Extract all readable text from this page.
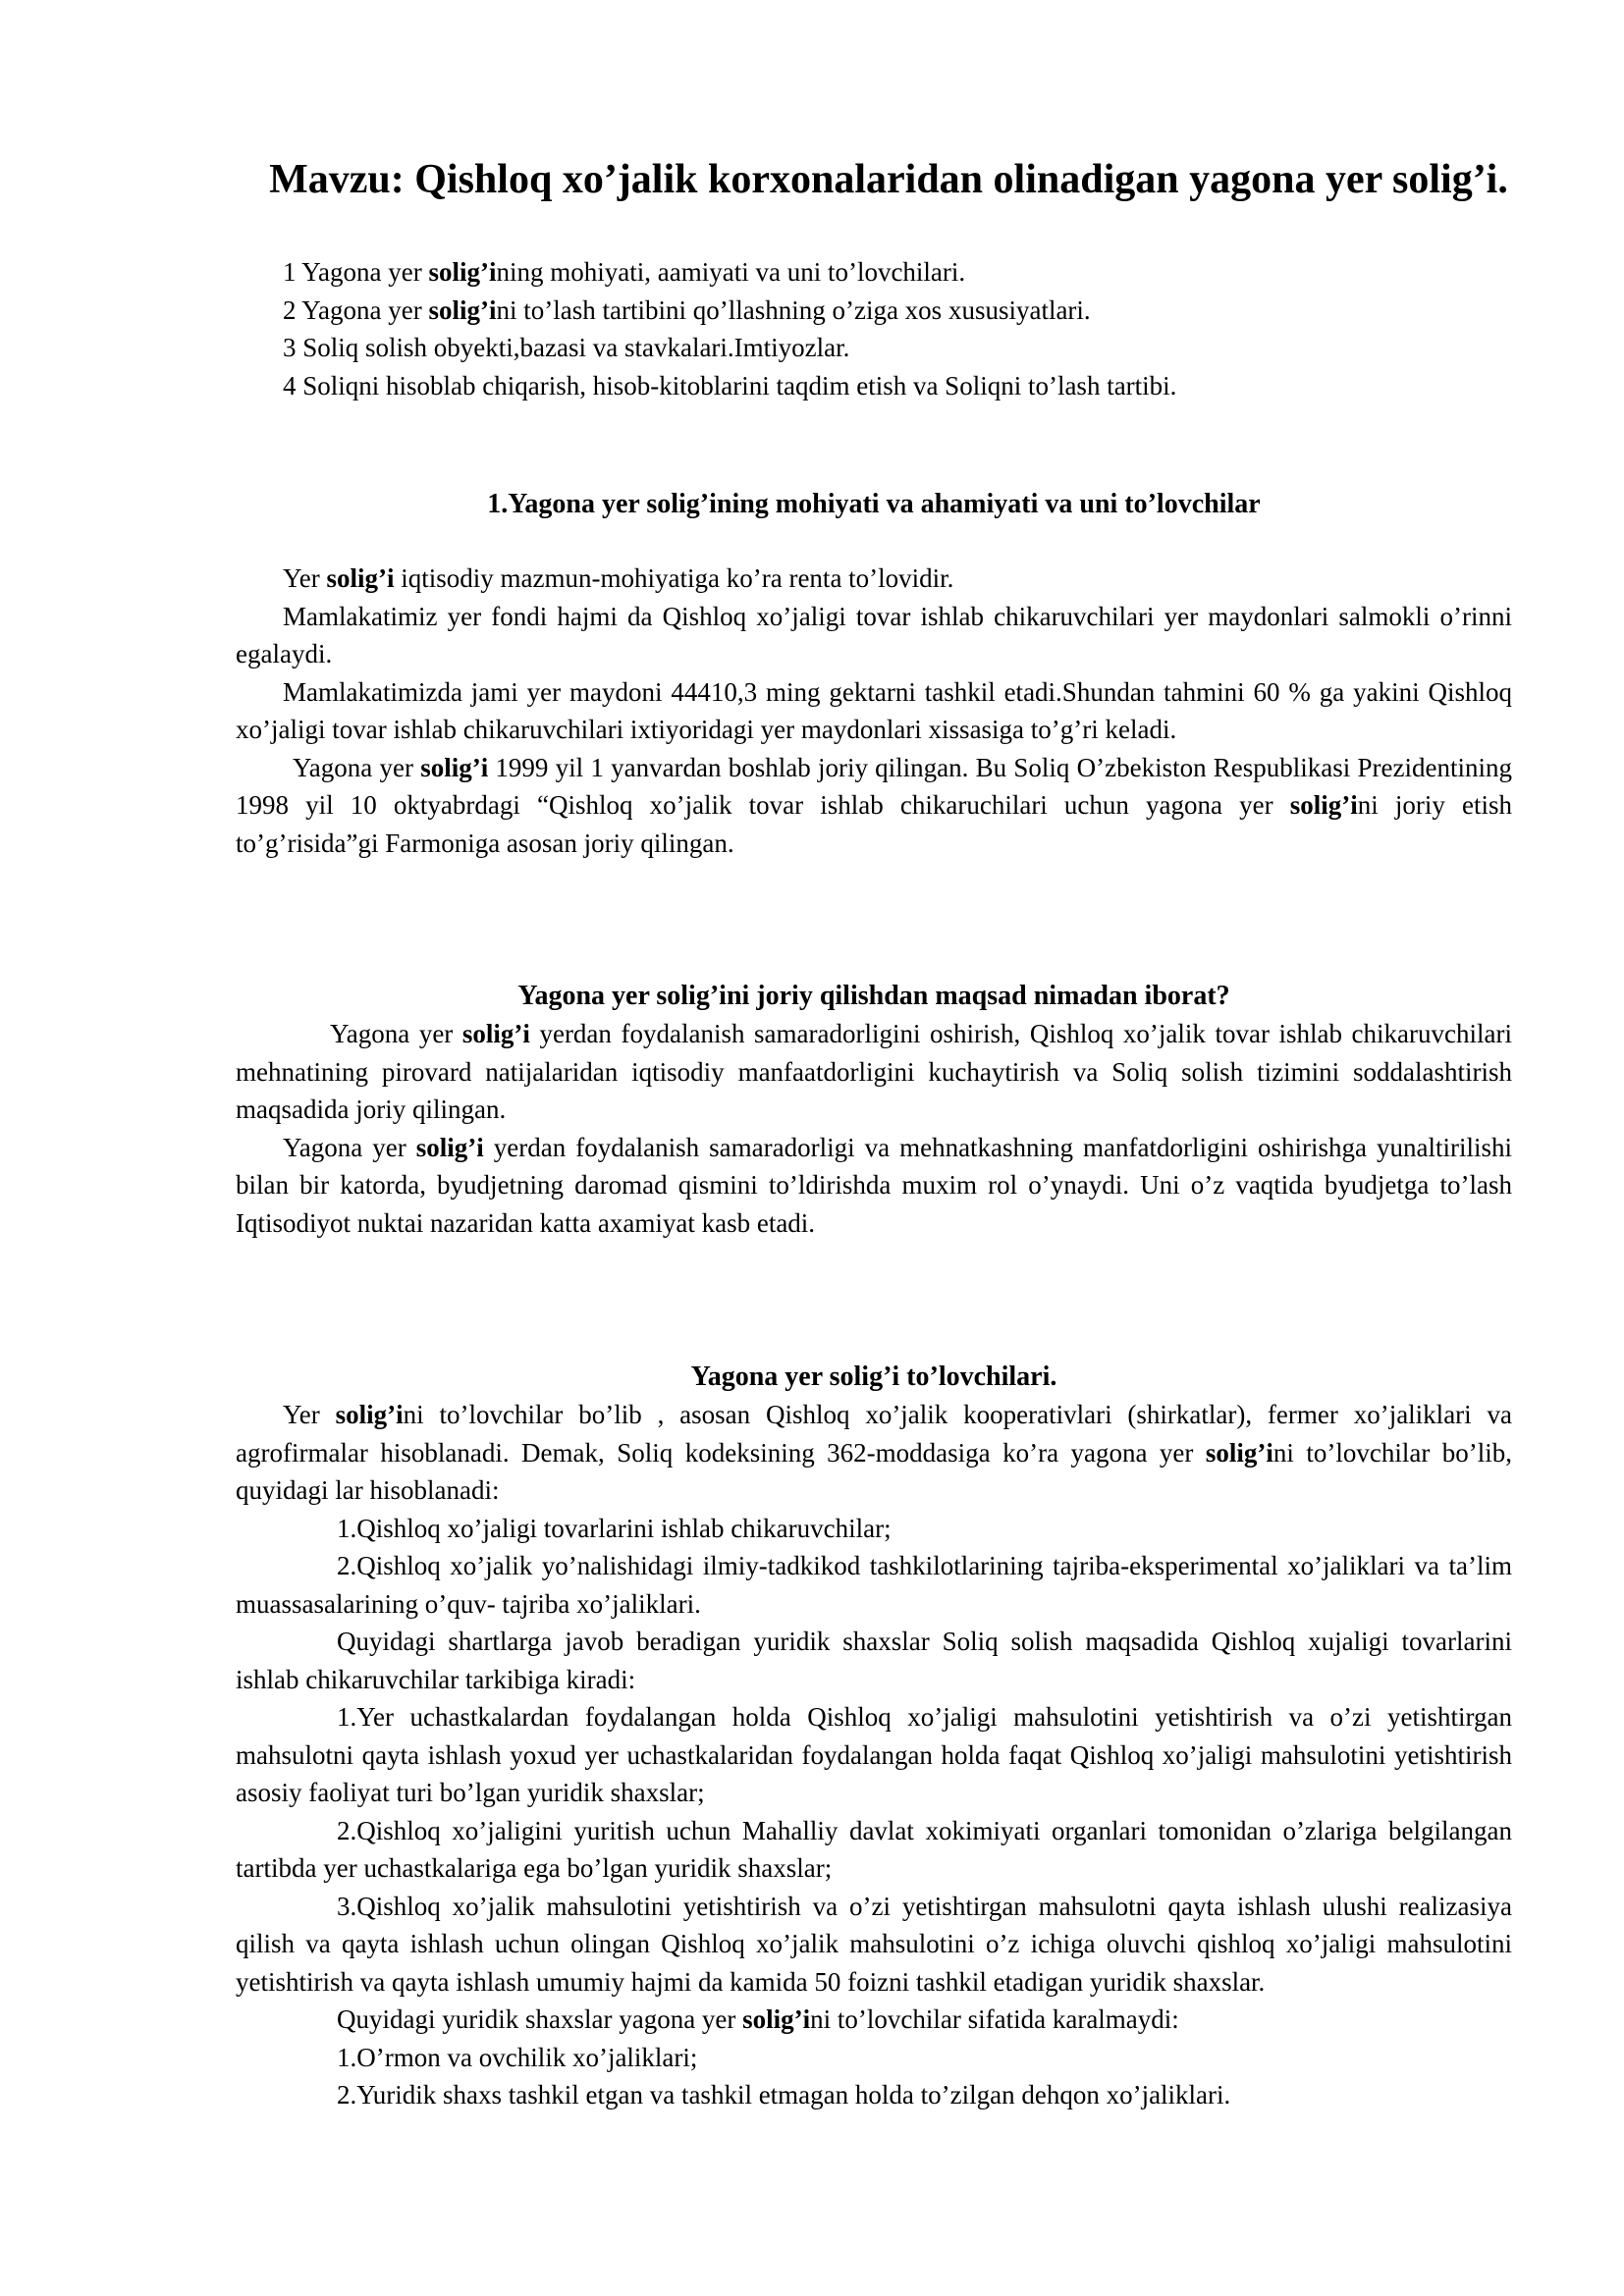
Mavzu: Qishloq xo’jalik korxonalaridan olinadigan yagona yer solig’i.

1 Yagona yer solig’ining mohiyati, aamiyati va uni to’lovchilari.

2 Yagona yer solig’ini to’lash tartibini qo’llashning o’ziga xos xususiyatlari.

3 Soliq solish obyekti,bazasi va stavkalari.Imtiyozlar.

4 Soliqni hisoblab chiqarish, hisob-kitoblarini taqdim etish va Soliqni to’lash tartibi.

1.Yagona yer solig’ining mohiyati va ahamiyati va uni to’lovchilar

Yer solig’i iqtisodiy mazmun-mohiyatiga ko’ra renta to’lovidir.

Mamlakatimiz yer fondi hajmi da Qishloq xo’jaligi tovar ishlab chikaruvchilari yer maydonlari salmokli o’rinni egalaydi.

Mamlakatimizda jami yer maydoni 44410,3 ming gektarni tashkil etadi.Shundan tahmini 60 % ga yakini Qishloq xo’jaligi tovar ishlab chikaruvchilari ixtiyoridagi yer maydonlari xissasiga to’g’ri keladi.

Yagona yer solig’i 1999 yil 1 yanvardan boshlab joriy qilingan. Bu Soliq O’zbekiston Respublikasi Prezidentining 1998 yil 10 oktyabrdagi “Qishloq xo’jalik tovar ishlab chikaruchilari uchun yagona yer solig’ini joriy etish to’g’risida”gi Farmoniga asosan joriy qilingan.

Yagona yer solig’ini joriy qilishdan maqsad nimadan iborat?

Yagona yer solig’i yerdan foydalanish samaradorligini oshirish, Qishloq xo’jalik tovar ishlab chikaruvchilari mehnatining pirovard natijalaridan iqtisodiy manfaatdorligini kuchaytirish va Soliq solish tizimini soddalashtirish maqsadida joriy qilingan.

Yagona yer solig’i yerdan foydalanish samaradorligi va mehnatkashning manfatdorligini oshirishga yunaltirilishi bilan bir katorda, byudjetning daromad qismini to’ldirishda muxim rol o’ynaydi. Uni o’z vaqtida byudjetga to’lash Iqtisodiyot nuktai nazaridan katta axamiyat kasb etadi.

Yagona yer solig’i to’lovchilari.

Yer solig’ini to’lovchilar bo’lib , asosan Qishloq xo’jalik kooperativlari (shirkatlar), fermer xo’jaliklari va agrofirmalar hisoblanadi. Demak, Soliq kodeksining 362-moddasiga ko’ra yagona yer solig’ini to’lovchilar bo’lib, quyidagi lar hisoblanadi:

1.Qishloq xo’jaligi tovarlarini ishlab chikaruvchilar;

2.Qishloq xo’jalik yo’nalishidagi ilmiy-tadkikod tashkilotlarining tajriba-eksperimental xo’jaliklari va ta’lim muassasalarining o’quv- tajriba xo’jaliklari.

Quyidagi shartlarga javob beradigan yuridik shaxslar Soliq solish maqsadida Qishloq xujaligi tovarlarini ishlab chikaruvchilar tarkibiga kiradi:

1.Yer uchastkalardan foydalangan holda Qishloq xo’jaligi mahsulotini yetishtirish va o’zi yetishtirgan mahsulotni qayta ishlash yoxud yer uchastkalaridan foydalangan holda faqat Qishloq xo’jaligi mahsulotini yetishtirish asosiy faoliyat turi bo’lgan yuridik shaxslar;

2.Qishloq xo’jaligini yuritish uchun Mahalliy davlat xokimiyati organlari tomonidan o’zlariga belgilangan tartibda yer uchastkalariga ega bo’lgan yuridik shaxslar;

3.Qishloq xo’jalik mahsulotini yetishtirish va o’zi yetishtirgan mahsulotni qayta ishlash ulushi realizasiya qilish va qayta ishlash uchun olingan Qishloq xo’jalik mahsulotini o’z ichiga oluvchi qishloq xo’jaligi mahsulotini yetishtirish va qayta ishlash umumiy hajmi da kamida 50 foizni tashkil etadigan yuridik shaxslar.

Quyidagi yuridik shaxslar yagona yer solig’ini to’lovchilar sifatida karalmaydi:

1.O’rmon va ovchilik xo’jaliklari;

2.Yuridik shaxs tashkil etgan va tashkil etmagan holda to’zilgan dehqon xo’jaliklari.
